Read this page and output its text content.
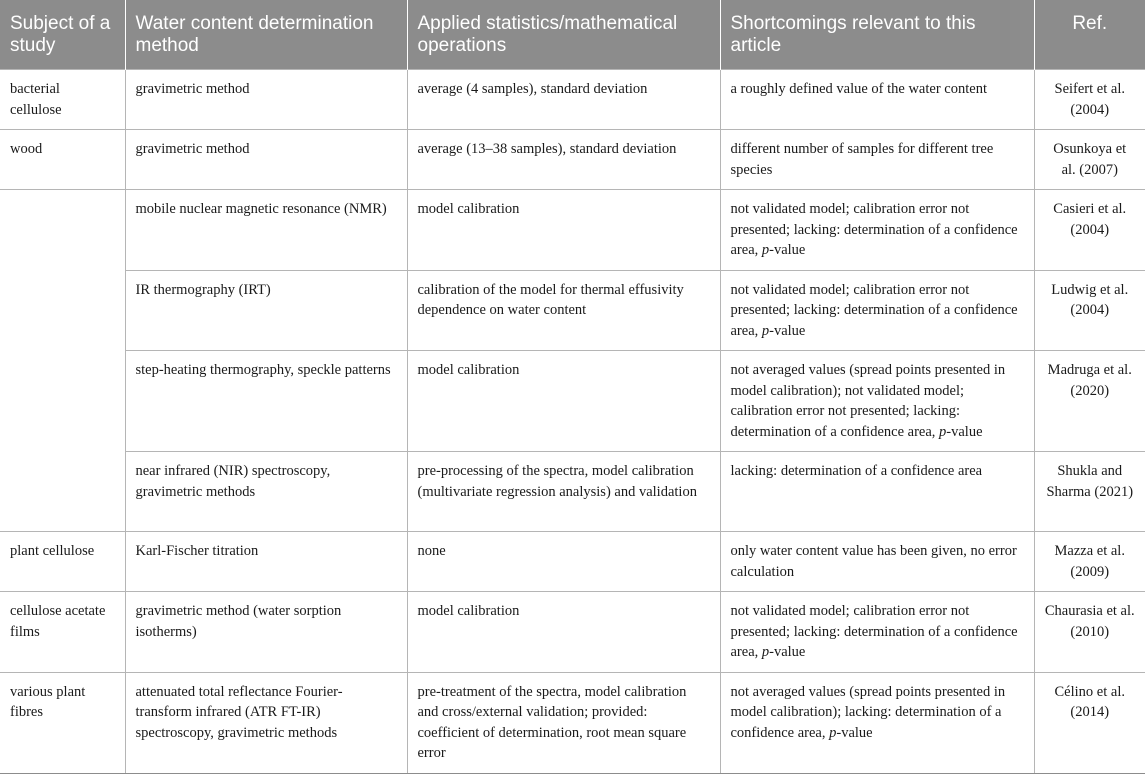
Subject of a study	Water content determination method	Applied statistics/mathematical operations	Shortcomings relevant to this article	Ref.
bacterial cellulose	gravimetric method	average (4 samples), standard deviation	a roughly defined value of the water content	Seifert et al. (2004)
wood	gravimetric method	average (13–38 samples), standard deviation	different number of samples for different tree species	Osunkoya et al. (2007)
	mobile nuclear magnetic resonance (NMR)	model calibration	not validated model; calibration error not presented; lacking: determination of a confidence area, p-value	Casieri et al. (2004)
	IR thermography (IRT)	calibration of the model for thermal effusivity dependence on water content	not validated model; calibration error not presented; lacking: determination of a confidence area, p-value	Ludwig et al. (2004)
	step-heating thermography, speckle patterns	model calibration	not averaged values (spread points presented in model calibration); not validated model; calibration error not presented; lacking: determination of a confidence area, p-value	Madruga et al. (2020)
	near infrared (NIR) spectroscopy, gravimetric methods	pre-processing of the spectra, model calibration (multivariate regression analysis) and validation	lacking: determination of a confidence area	Shukla and Sharma (2021)
plant cellulose	Karl-Fischer titration	none	only water content value has been given, no error calculation	Mazza et al. (2009)
cellulose acetate films	gravimetric method (water sorption isotherms)	model calibration	not validated model; calibration error not presented; lacking: determination of a confidence area, p-value	Chaurasia et al. (2010)
various plant fibres	attenuated total reflectance Fourier-transform infrared (ATR FT-IR) spectroscopy, gravimetric methods	pre-treatment of the spectra, model calibration and cross/external validation; provided: coefficient of determination, root mean square error	not averaged values (spread points presented in model calibration); lacking: determination of a confidence area, p-value	Célino et al. (2014)
